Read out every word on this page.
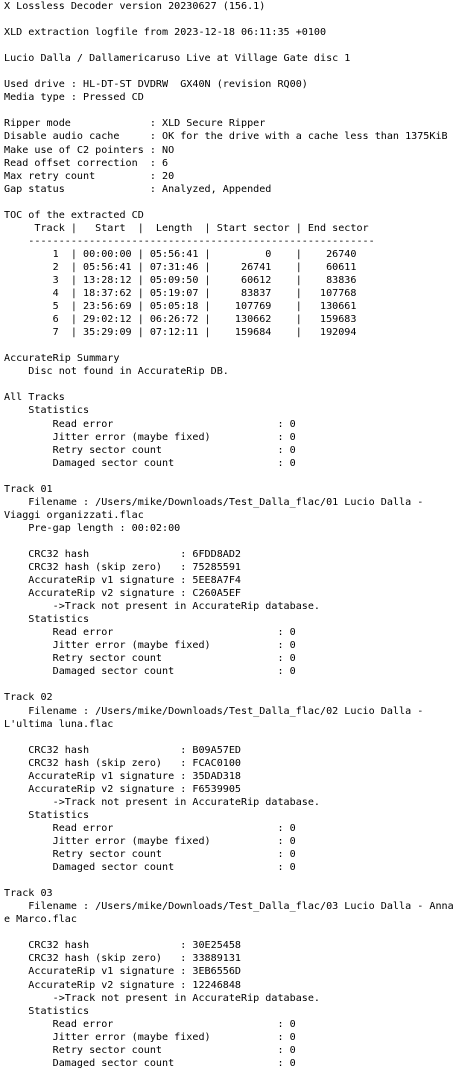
X Lossless Decoder version 20230627 (156.1)
XLD extraction logfile from 2023-12-18 06:11:35 +0100
Lucio Dalla / Dallamericaruso Live at Village Gate disc 1
Used drive : HL-DT-ST DVDRW  GX40N (revision RQ00)
Media type : Pressed CD
Ripper mode             : XLD Secure Ripper
Disable audio cache     : OK for the drive with a cache less than 1375KiB
Make use of C2 pointers : NO
Read offset correction  : 6
Max retry count         : 20
Gap status              : Analyzed, Appended
TOC of the extracted CD
Track |   Start  |  Length  | Start sector | End sector
---------------------------------------------------------
1  | 00:00:00 | 05:56:41 |         0    |    26740
2  | 05:56:41 | 07:31:46 |     26741    |    60611
3  | 13:28:12 | 05:09:50 |     60612    |    83836
4  | 18:37:62 | 05:19:07 |     83837    |   107768
5  | 23:56:69 | 05:05:18 |    107769    |   130661
6  | 29:02:12 | 06:26:72 |    130662    |   159683
7  | 35:29:09 | 07:12:11 |    159684    |   192094
AccurateRip Summary
Disc not found in AccurateRip DB.
All Tracks
Statistics
Read error                           : 0
Jitter error (maybe fixed)           : 0
Retry sector count                   : 0
Damaged sector count                 : 0
Track 01
Filename : /Users/mike/Downloads/Test_Dalla_flac/01 Lucio Dalla -
Viaggi organizzati.flac
Pre-gap length : 00:02:00
CRC32 hash               : 6FDD8AD2
CRC32 hash (skip zero)   : 75285591
AccurateRip v1 signature : 5EE8A7F4
AccurateRip v2 signature : C260A5EF
->Track not present in AccurateRip database.
Statistics
Read error                           : 0
Jitter error (maybe fixed)           : 0
Retry sector count                   : 0
Damaged sector count                 : 0
Track 02
Filename : /Users/mike/Downloads/Test_Dalla_flac/02 Lucio Dalla -
L'ultima luna.flac
CRC32 hash               : B09A57ED
CRC32 hash (skip zero)   : FCAC0100
AccurateRip v1 signature : 35DAD318
AccurateRip v2 signature : F6539905
->Track not present in AccurateRip database.
Statistics
Read error                           : 0
Jitter error (maybe fixed)           : 0
Retry sector count                   : 0
Damaged sector count                 : 0
Track 03
Filename : /Users/mike/Downloads/Test_Dalla_flac/03 Lucio Dalla - Anna
e Marco.flac
CRC32 hash               : 30E25458
CRC32 hash (skip zero)   : 33889131
AccurateRip v1 signature : 3EB6556D
AccurateRip v2 signature : 12246848
->Track not present in AccurateRip database.
Statistics
Read error                           : 0
Jitter error (maybe fixed)           : 0
Retry sector count                   : 0
Damaged sector count                 : 0
